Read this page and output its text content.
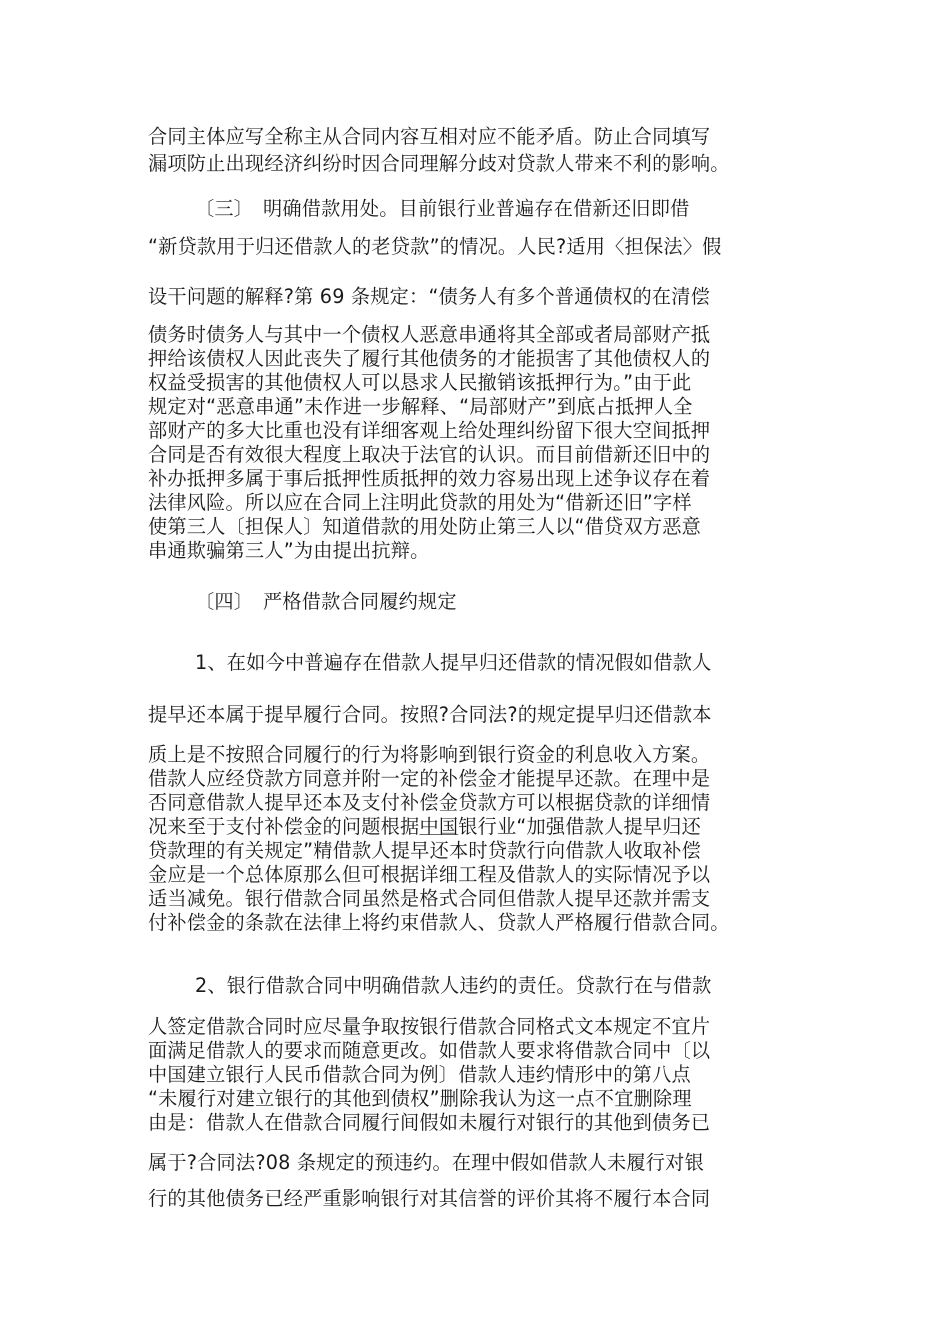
合同主体应写全称主从合同内容互相对应不能矛盾。防止合同填写
漏项防止出现经济纠纷时因合同理解分歧对贷款人带来不利的影响。
〔三〕　明确借款用处。目前银行业普遍存在借新还旧即借
“新贷款用于归还借款人的老贷款”的情况。人民?适用〈担保法〉假
设干问题的解释?第 69 条规定：“债务人有多个普通债权的在清偿
债务时债务人与其中一个债权人恶意串通将其全部或者局部财产抵
押给该债权人因此丧失了履行其他债务的才能损害了其他债权人的
权益受损害的其他债权人可以恳求人民撤销该抵押行为。”由于此
规定对“恶意串通”未作进一步解释、“局部财产”到底占抵押人全
部财产的多大比重也没有详细客观上给处理纠纷留下很大空间抵押
合同是否有效很大程度上取决于法官的认识。而目前借新还旧中的
补办抵押多属于事后抵押性质抵押的效力容易出现上述争议存在着
法律风险。所以应在合同上注明此贷款的用处为“借新还旧”字样
使第三人〔担保人〕知道借款的用处防止第三人以“借贷双方恶意
串通欺骗第三人”为由提出抗辩。
〔四〕　严格借款合同履约规定
1、在如今中普遍存在借款人提早归还借款的情况假如借款人
提早还本属于提早履行合同。按照?合同法?的规定提早归还借款本
质上是不按照合同履行的行为将影响到银行资金的利息收入方案。
借款人应经贷款方同意并附一定的补偿金才能提早还款。在理中是
否同意借款人提早还本及支付补偿金贷款方可以根据贷款的详细情
况来至于支付补偿金的问题根据中国银行业“加强借款人提早归还
贷款理的有关规定”精借款人提早还本时贷款行向借款人收取补偿
金应是一个总体原那么但可根据详细工程及借款人的实际情况予以
适当减免。银行借款合同虽然是格式合同但借款人提早还款并需支
付补偿金的条款在法律上将约束借款人、贷款人严格履行借款合同。
2、银行借款合同中明确借款人违约的责任。贷款行在与借款
人签定借款合同时应尽量争取按银行借款合同格式文本规定不宜片
面满足借款人的要求而随意更改。如借款人要求将借款合同中〔以
中国建立银行人民币借款合同为例〕借款人违约情形中的第八点
“未履行对建立银行的其他到债权”删除我认为这一点不宜删除理
由是：借款人在借款合同履行间假如未履行对银行的其他到债务已
属于?合同法?08 条规定的预违约。在理中假如借款人未履行对银
行的其他债务已经严重影响银行对其信誉的评价其将不履行本合同
